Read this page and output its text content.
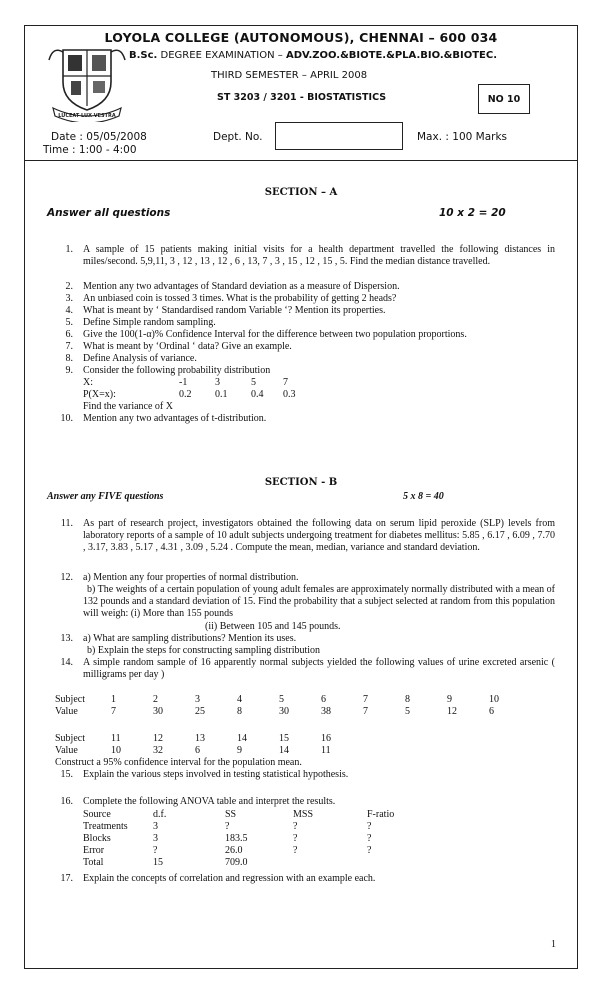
LUCEAT LUX VESTRA
LOYOLA COLLEGE (AUTONOMOUS), CHENNAI – 600 034
B.Sc. DEGREE EXAMINATION – ADV.ZOO.&BIOTE.&PLA.BIO.&BIOTEC.
THIRD SEMESTER – APRIL 2008
ST 3203 / 3201 - BIOSTATISTICS	NO 10
Date : 05/05/2008
Time : 1:00 - 4:00
Dept. No.	Max. : 100 Marks
SECTION – A
Answer all questions	10 x 2 = 20
1. A sample of 15 patients making initial visits for a health department travelled the following distances in miles/second. 5,9,11, 3 , 12 , 13 , 12 , 6 , 13, 7 , 3 , 15 , 12 , 15 , 5. Find the median distance travelled.
2. Mention any two advantages of Standard deviation as a measure of Dispersion.
3. An unbiased coin is tossed 3 times. What is the probability of getting 2 heads?
4. What is meant by ‘ Standardised random Variable ‘? Mention its properties.
5. Define Simple random sampling.
6. Give the 100(1-α)% Confidence Interval for the difference between two population proportions.
7. What is meant by ‘Ordinal ‘ data? Give an example.
8. Define Analysis of variance.
9. Consider the following probability distribution
X:	-1	3	5	7
P(X=x):	0.2 0.1 0.4 0.3
Find the variance of X
10. Mention any two advantages of t-distribution.
SECTION - B
Answer any FIVE questions	5 x 8 = 40
11. As part of research project, investigators obtained the following data on serum lipid peroxide (SLP) levels from laboratory reports of a sample of 10 adult subjects undergoing treatment for diabetes mellitus: 5.85 , 6.17 , 6.09 , 7.70 , 3.17, 3.83 , 5.17 , 4.31 , 3.09 , 5.24 . Compute the mean, median, variance and standard deviation.
12. a) Mention any four properties of normal distribution.
b) The weights of a certain population of young adult females are approximately normally distributed with a mean of 132 pounds and a standard deviation of 15. Find the probability that a subject selected at random from this population will weigh: (i) More than 155 pounds
(ii) Between 105 and 145 pounds.
13. a) What are sampling distributions? Mention its uses.
b) Explain the steps for constructing sampling distribution
14. A simple random sample of 16 apparently normal subjects yielded the following values of urine excreted arsenic ( milligrams per day )
Subject	1	2	3	4	5	6	7	8	9	10
Value	7	30	25	8	30	38	7	5	12	6
Subject	11	12	13	14	15	16
Value	10	32	6	9	14	11
Construct a 95% confidence interval for the population mean.
15. Explain the various steps involved in testing statistical hypothesis.
16. Complete the following ANOVA table and interpret the results.
Source	d.f.	SS	MSS	F-ratio
Treatments	3	?	?	?
Blocks	3	183.5	?	?
Error	?	26.0	?	?
Total	15	709.0
17. Explain the concepts of correlation and regression with an example each.
1
